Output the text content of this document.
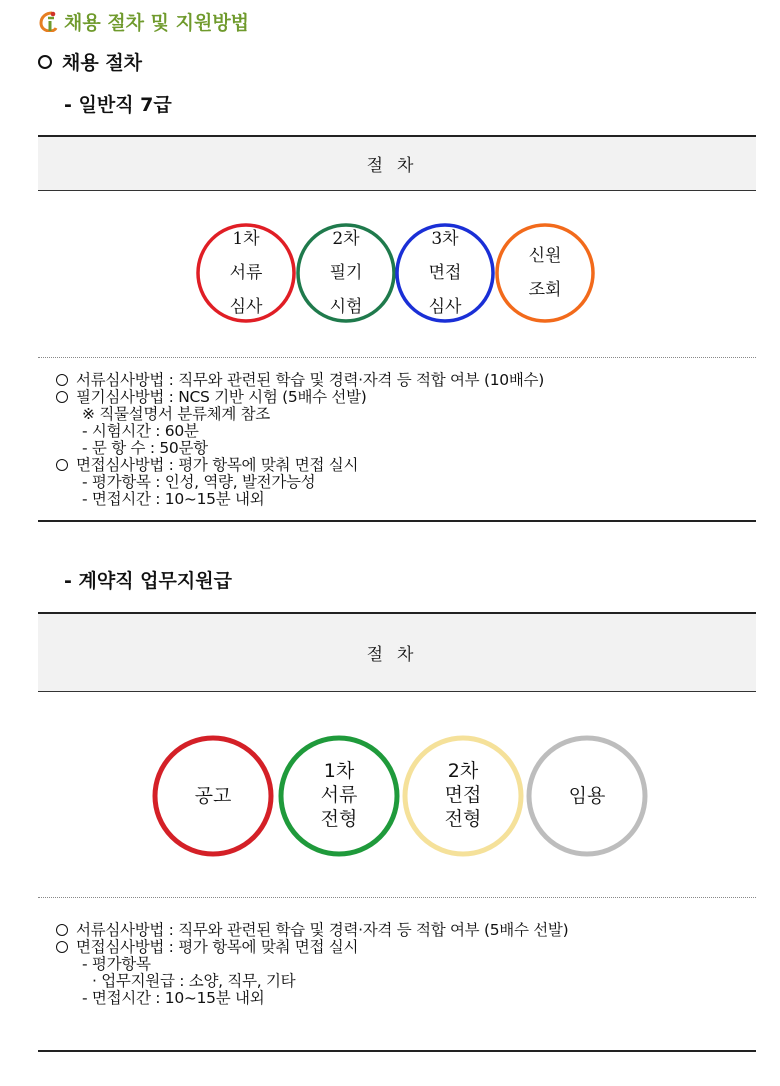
채용 절차 및 지원방법
채용 절차
- 일반직 7급
절차
1차
서류
심사
2차
필기
시험
3차
면접
심사
신원
조회
서류심사방법 : 직무와 관련된 학습 및 경력·자격 등 적합 여부 (10배수)
필기심사방법 : NCS 기반 시험 (5배수 선발)
※ 직물설명서 분류체계 참조
- 시험시간 : 60분
- 문 항 수 : 50문항
면접심사방법 : 평가 항목에 맞춰 면접 실시
- 평가항목 : 인성, 역량, 발전가능성
- 면접시간 : 10~15분 내외
- 계약직 업무지원급
절차
공고
1차
서류
전형
2차
면접
전형
임용
서류심사방법 : 직무와 관련된 학습 및 경력·자격 등 적합 여부 (5배수 선발)
면접심사방법 : 평가 항목에 맞춰 면접 실시
- 평가항목
· 업무지원급 : 소양, 직무, 기타
- 면접시간 : 10~15분 내외
